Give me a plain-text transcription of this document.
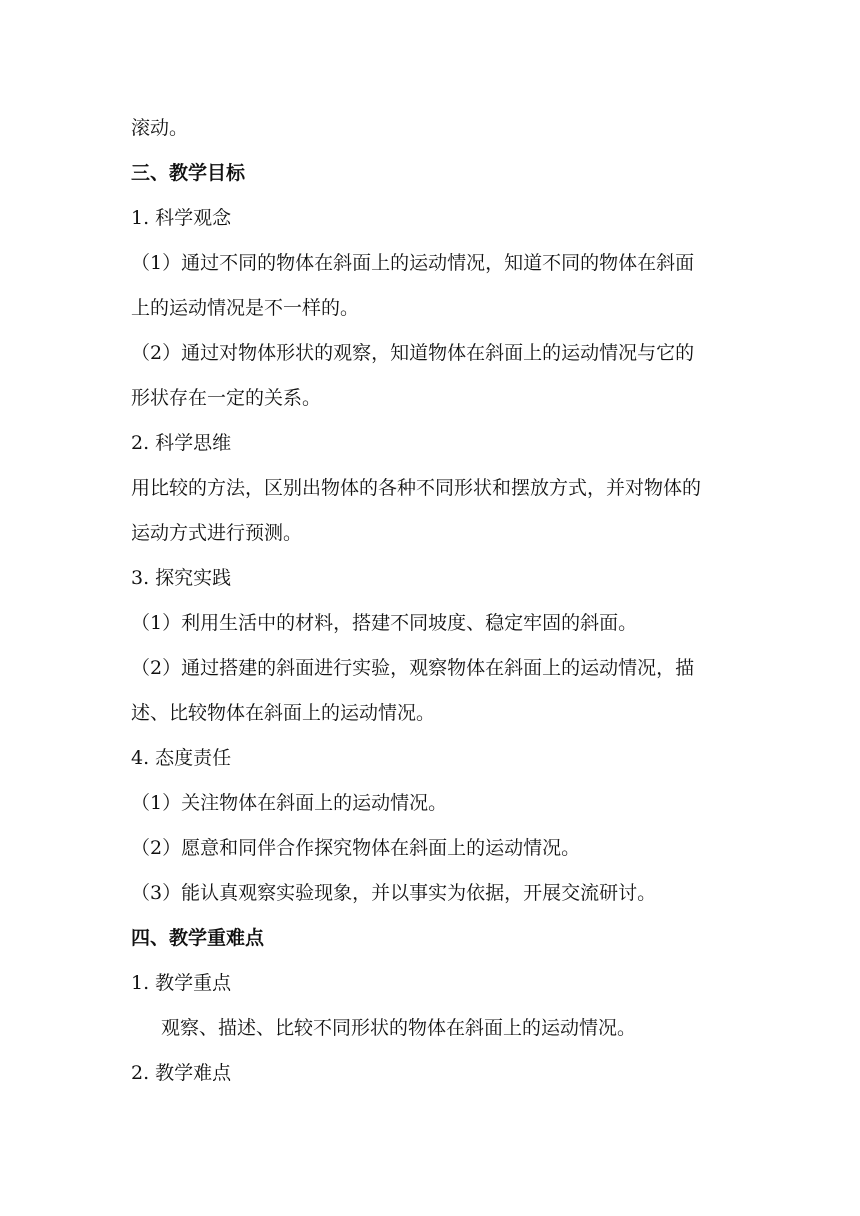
滚动。
三、教学目标
1. 科学观念
（1）通过不同的物体在斜面上的运动情况，知道不同的物体在斜面
上的运动情况是不一样的。
（2）通过对物体形状的观察，知道物体在斜面上的运动情况与它的
形状存在一定的关系。
2. 科学思维
用比较的方法，区别出物体的各种不同形状和摆放方式，并对物体的
运动方式进行预测。
3. 探究实践
（1）利用生活中的材料，搭建不同坡度、稳定牢固的斜面。
（2）通过搭建的斜面进行实验，观察物体在斜面上的运动情况，描
述、比较物体在斜面上的运动情况。
4. 态度责任
（1）关注物体在斜面上的运动情况。
（2）愿意和同伴合作探究物体在斜面上的运动情况。
（3）能认真观察实验现象，并以事实为依据，开展交流研讨。
四、教学重难点
1. 教学重点
观察、描述、比较不同形状的物体在斜面上的运动情况。
2. 教学难点
